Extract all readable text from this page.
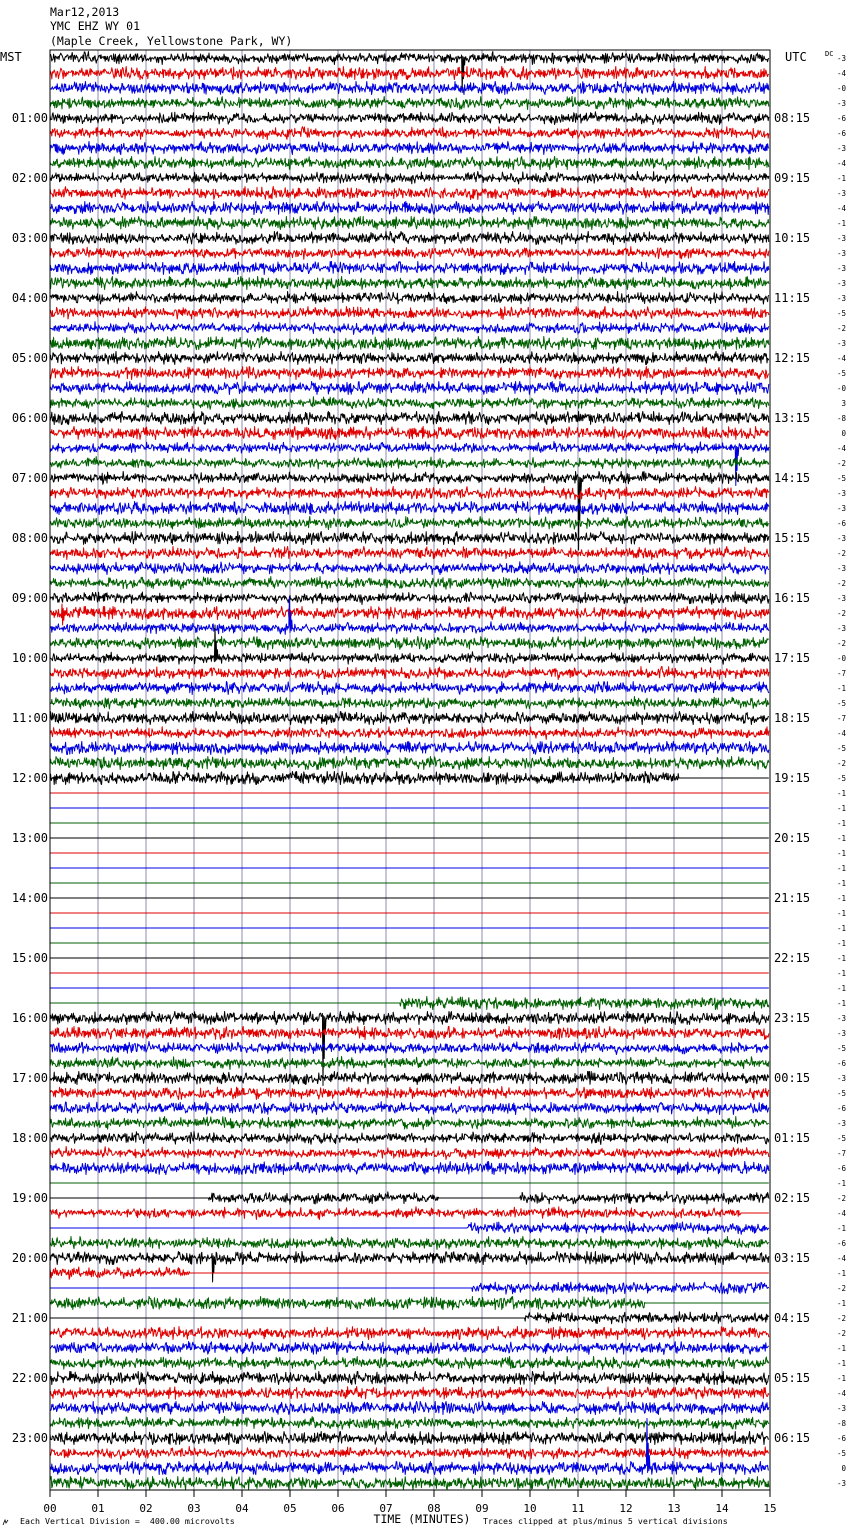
Mar12,2013
YMC EHZ WY 01
(Maple Creek, Yellowstone Park, WY)
MST	UTC	DC
01:00
02:00
03:00
04:00
05:00
06:00
07:00
08:00
09:00
10:00
11:00
12:00
13:00
14:00
15:00
16:00
17:00
18:00
19:00
20:00
21:00
22:00
23:00
08:15
09:15
10:15
11:15
12:15
13:15
14:15
15:15
16:15
17:15
18:15
19:15
20:15
21:15
22:15
23:15
00:15
01:15
02:15
03:15
04:15
05:15
06:15
-3
-4
-0
-3
-6
-6
-3
-4
-1
-3
-4
-1
-3
-3
-3
-3
-3
-5
-2
-3
-4
-5
-0
3
-8
0
-4
-2
-5
-3
-3
-6
-3
-2
-3
-2
-3
-2
-3
-2
-0
-7
-1
-5
-7
-4
-5
-2
-5
-1
-1
-1
-1
-1
-1
-1
-1
-1
-1
-1
-1
-1
-1
-1
-3
-3
-5
-6
-3
-5
-6
-3
-5
-7
-6
-1
-2
-4
-1
-6
-4
-1
-2
-1
-2
-2
-1
-1
-1
-4
-3
-8
-6
-5
0
-3
00	01	02	03	04	05	06	07	08	09	10	11	12	13	14	15
TIME (MINUTES)
Each Vertical Division =  400.00 microvolts	Traces clipped at plus/minus 5 vertical divisions
